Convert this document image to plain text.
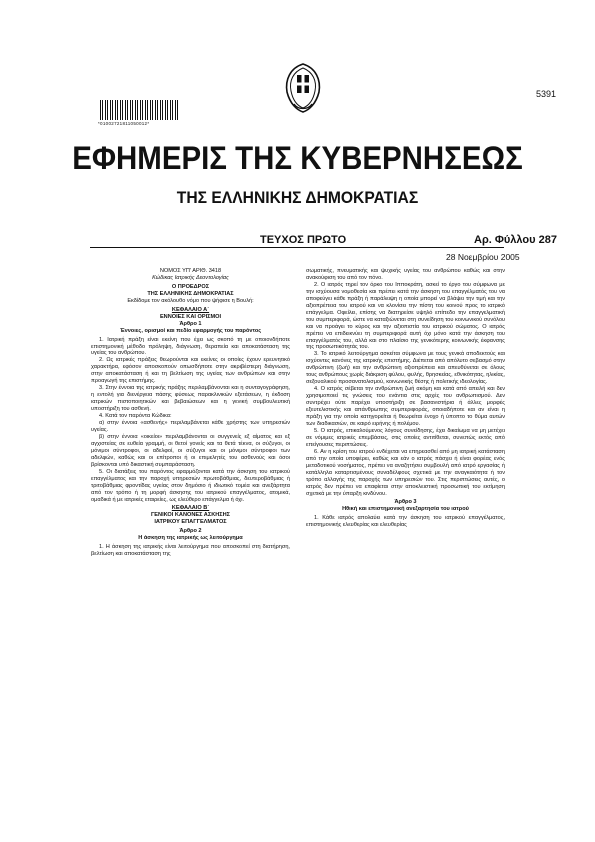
5391
*01002721811050012*
ΕΦΗΜΕΡΙΣ ΤΗΣ ΚΥΒΕΡΝΗΣΕΩΣ
ΤΗΣ ΕΛΛΗΝΙΚΗΣ ΔΗΜΟΚΡΑΤΙΑΣ
ΤΕΥΧΟΣ ΠΡΩΤΟ	Αρ. Φύλλου 287
28 Νοεμβρίου 2005

ΝΟΜΟΣ ΥΠ' ΑΡΙΘ. 3418

Κώδικας Ιατρικής Δεοντολογίας

Ο ΠΡΟΕΔΡΟΣ

ΤΗΣ ΕΛΛΗΝΙΚΗΣ ΔΗΜΟΚΡΑΤΙΑΣ

Εκδίδομε τον ακόλουθο νόμο που ψήφισε η Βουλή:

ΚΕΦΑΛΑΙΟ Α΄

ΕΝΝΟΙΕΣ ΚΑΙ ΟΡΙΣΜΟΙ

Άρθρο 1

Έννοιες, ορισμοί και πεδίο εφαρμογής του παρόντος

1. Ιατρική πράξη είναι εκείνη που έχει ως σκοπό τη με οποιονδήποτε επιστημονική μέθοδο πρόληψη, διάγνωση, θεραπεία και αποκατάσταση της υγείας του ανθρώπου.

2. Ως ιατρικές πράξεις θεωρούνται και εκείνες οι οποίες έχουν ερευνητικό χαρακτήρα, εφόσον αποσκοπούν οπωσδήποτε στην ακριβέστερη διάγνωση, στην αποκατάσταση ή και τη βελτίωση της υγείας των ανθρώπων και στην προαγωγή της επιστήμης.

3. Στην έννοια της ιατρικής πράξης περιλαμβάνονται και η συνταγογράφηση, η εντολή για διενέργεια πάσης φύσεως παρακλινικών εξετάσεων, η έκδοση ιατρικών πιστοποιητικών και βεβαιώσεων και η γενική συμβουλευτική υποστήριξη του ασθενή.

4. Κατά τον παρόντα Κώδικα:

α) στην έννοια «ασθενής» περιλαμβάνεται κάθε χρήστης των υπηρεσιών υγείας.

β) στην έννοια «οικείοι» περιλαμβάνονται οι συγγενείς εξ αίματος και εξ αγχιστείας σε ευθεία γραμμή, οι θετοί γονείς και τα θετά τέκνα, οι σύζυγοι, οι μόνιμοι σύντροφοι, οι αδελφοί, οι σύζυγοι και οι μόνιμοι σύντροφοι των αδελφών, καθώς και οι επίτροποι ή οι επιμελητές του ασθενούς και όσοι βρίσκονται υπό δικαστική συμπαράσταση.

5. Οι διατάξεις του παρόντος εφαρμόζονται κατά την άσκηση του ιατρικού επαγγέλματος και την παροχή υπηρεσιών πρωτοβάθμιας, δευτεροβάθμιας ή τριτοβάθμιας φροντίδας υγείας στον δημόσιο ή ιδιωτικό τομέα και ανεξάρτητα από τον τρόπο ή τη μορφή άσκησης του ιατρικού επαγγέλματος, ατομικά, ομαδικά ή με ιατρικές εταιρείες, ως ελεύθερο επάγγελμα ή όχι.

ΚΕΦΑΛΑΙΟ Β΄

ΓΕΝΙΚΟΙ ΚΑΝΟΝΕΣ ΑΣΚΗΣΗΣ

ΙΑΤΡΙΚΟΥ ΕΠΑΓΓΕΛΜΑΤΟΣ

Άρθρο 2

Η άσκηση της ιατρικής ως λειτούργημα

1. Η άσκηση της ιατρικής είναι λειτούργημα που αποσκοπεί στη διατήρηση, βελτίωση και αποκατάσταση της

σωματικής, πνευματικής και ψυχικής υγείας του ανθρώπου καθώς και στην ανακούφιση του από τον πόνο.

2. Ο ιατρός τηρεί τον όρκο του Ιπποκράτη, ασκεί το έργο του σύμφωνα με την ισχύουσα νομοθεσία και πρέπει κατά την άσκηση του επαγγέλματός του να αποφεύγει κάθε πράξη ή παράλειψη η οποία μπορεί να βλάψει την τιμή και την αξιοπρέπεια του ιατρού και να κλονίσει την πίστη του κοινού προς το ιατρικό επάγγελμα. Οφείλει, επίσης να διατηρείσε υψηλό επίπεδο την επαγγελματική του συμπεριφορά, ώστε να καταξιώνεται στη συνείδηση του κοινωνικού συνόλου και να προάγει το κύρος και την αξιοπιστία του ιατρικού σώματος. Ο ιατρός πρέπει να επιδεικνύει τη συμπεριφορά αυτή όχι μόνο κατά την άσκηση του επαγγέλματός του, αλλά και στο πλαίσιο της γενικότερης κοινωνικής έκφανσης της προσωπικότητάς του.

3. Το ιατρικό λειτούργημα ασκείται σύμφωνα με τους γενικά αποδεκτούς και ισχύοντες κανόνες της ιατρικής επιστήμης. Διέπεται από απόλυτο σεβασμό στην ανθρώπινη (ζωή) και την ανθρώπινη αξιοπρέπεια και απευθύνεται σε όλους τους ανθρώπους χωρίς διάκριση φύλου, φυλής, θρησκείας, εθνικότητας, ηλικίας, σεξουαλικού προσανατολισμού, κοινωνικής θέσης ή πολιτικής ιδεολογίας.

4. Ο ιατρός σέβεται την ανθρώπινη ζωή ακόμη και κατά από απειλή και δεν χρησιμοποιεί τις γνώσεις του ενάντια στις αρχές του ανθρωπισμού. Δεν συντρέχει ούτε παρέχει υποστήριξη σε βασανιστήρια ή άλλες μορφές εξευτελιστικής και απάνθρωπης συμπεριφοράς, οποιαδήποτε και αν είναι η πράξη για την οποία κατηγορείται ή θεωρείται ένοχο ή ύποπτο το θύμα αυτών των διαδικασιών, σε καιρό ειρήνης ή πολέμου.

5. Ο ιατρός, επικαλούμενος λόγους συνείδησης, έχει δικαίωμα να μη μετέχει σε νόμιμες ιατρικές επεμβάσεις, στις οποίες αντιτίθεται, συνεπώς εκτός από επείγουσες περιπτώσεις.

6. Αν η κρίση του ιατρού ενδέχεται να επηρεασθεί από μη ιατρική κατάσταση από την οποία υποφέρει, καθώς και εάν ο ιατρός πάσχει ή είναι φορέας ενός μεταδοτικού νοσήματος, πρέπει να αναζητήσει συμβουλή από ιατρό εργασίας ή κατάλληλα καταρτισμένους συναδέλφους σχετικά με την αναγκαιότητα ή τον τρόπο αλλαγής της παροχής των υπηρεσιών του. Στις περιπτώσεις αυτές, ο ιατρός δεν πρέπει να επαφίεται στην αποκλειστική προσωπική του εκτίμηση σχετικά με την ύπαρξη κινδύνου.

Άρθρο 3

Ηθική και επιστημονική ανεξαρτησία του ιατρού

1. Κάθε ιατρός απολαύει κατά την άσκηση του ιατρικού επαγγέλματος, επιστημονικής ελευθερίας και ελευθερίας
